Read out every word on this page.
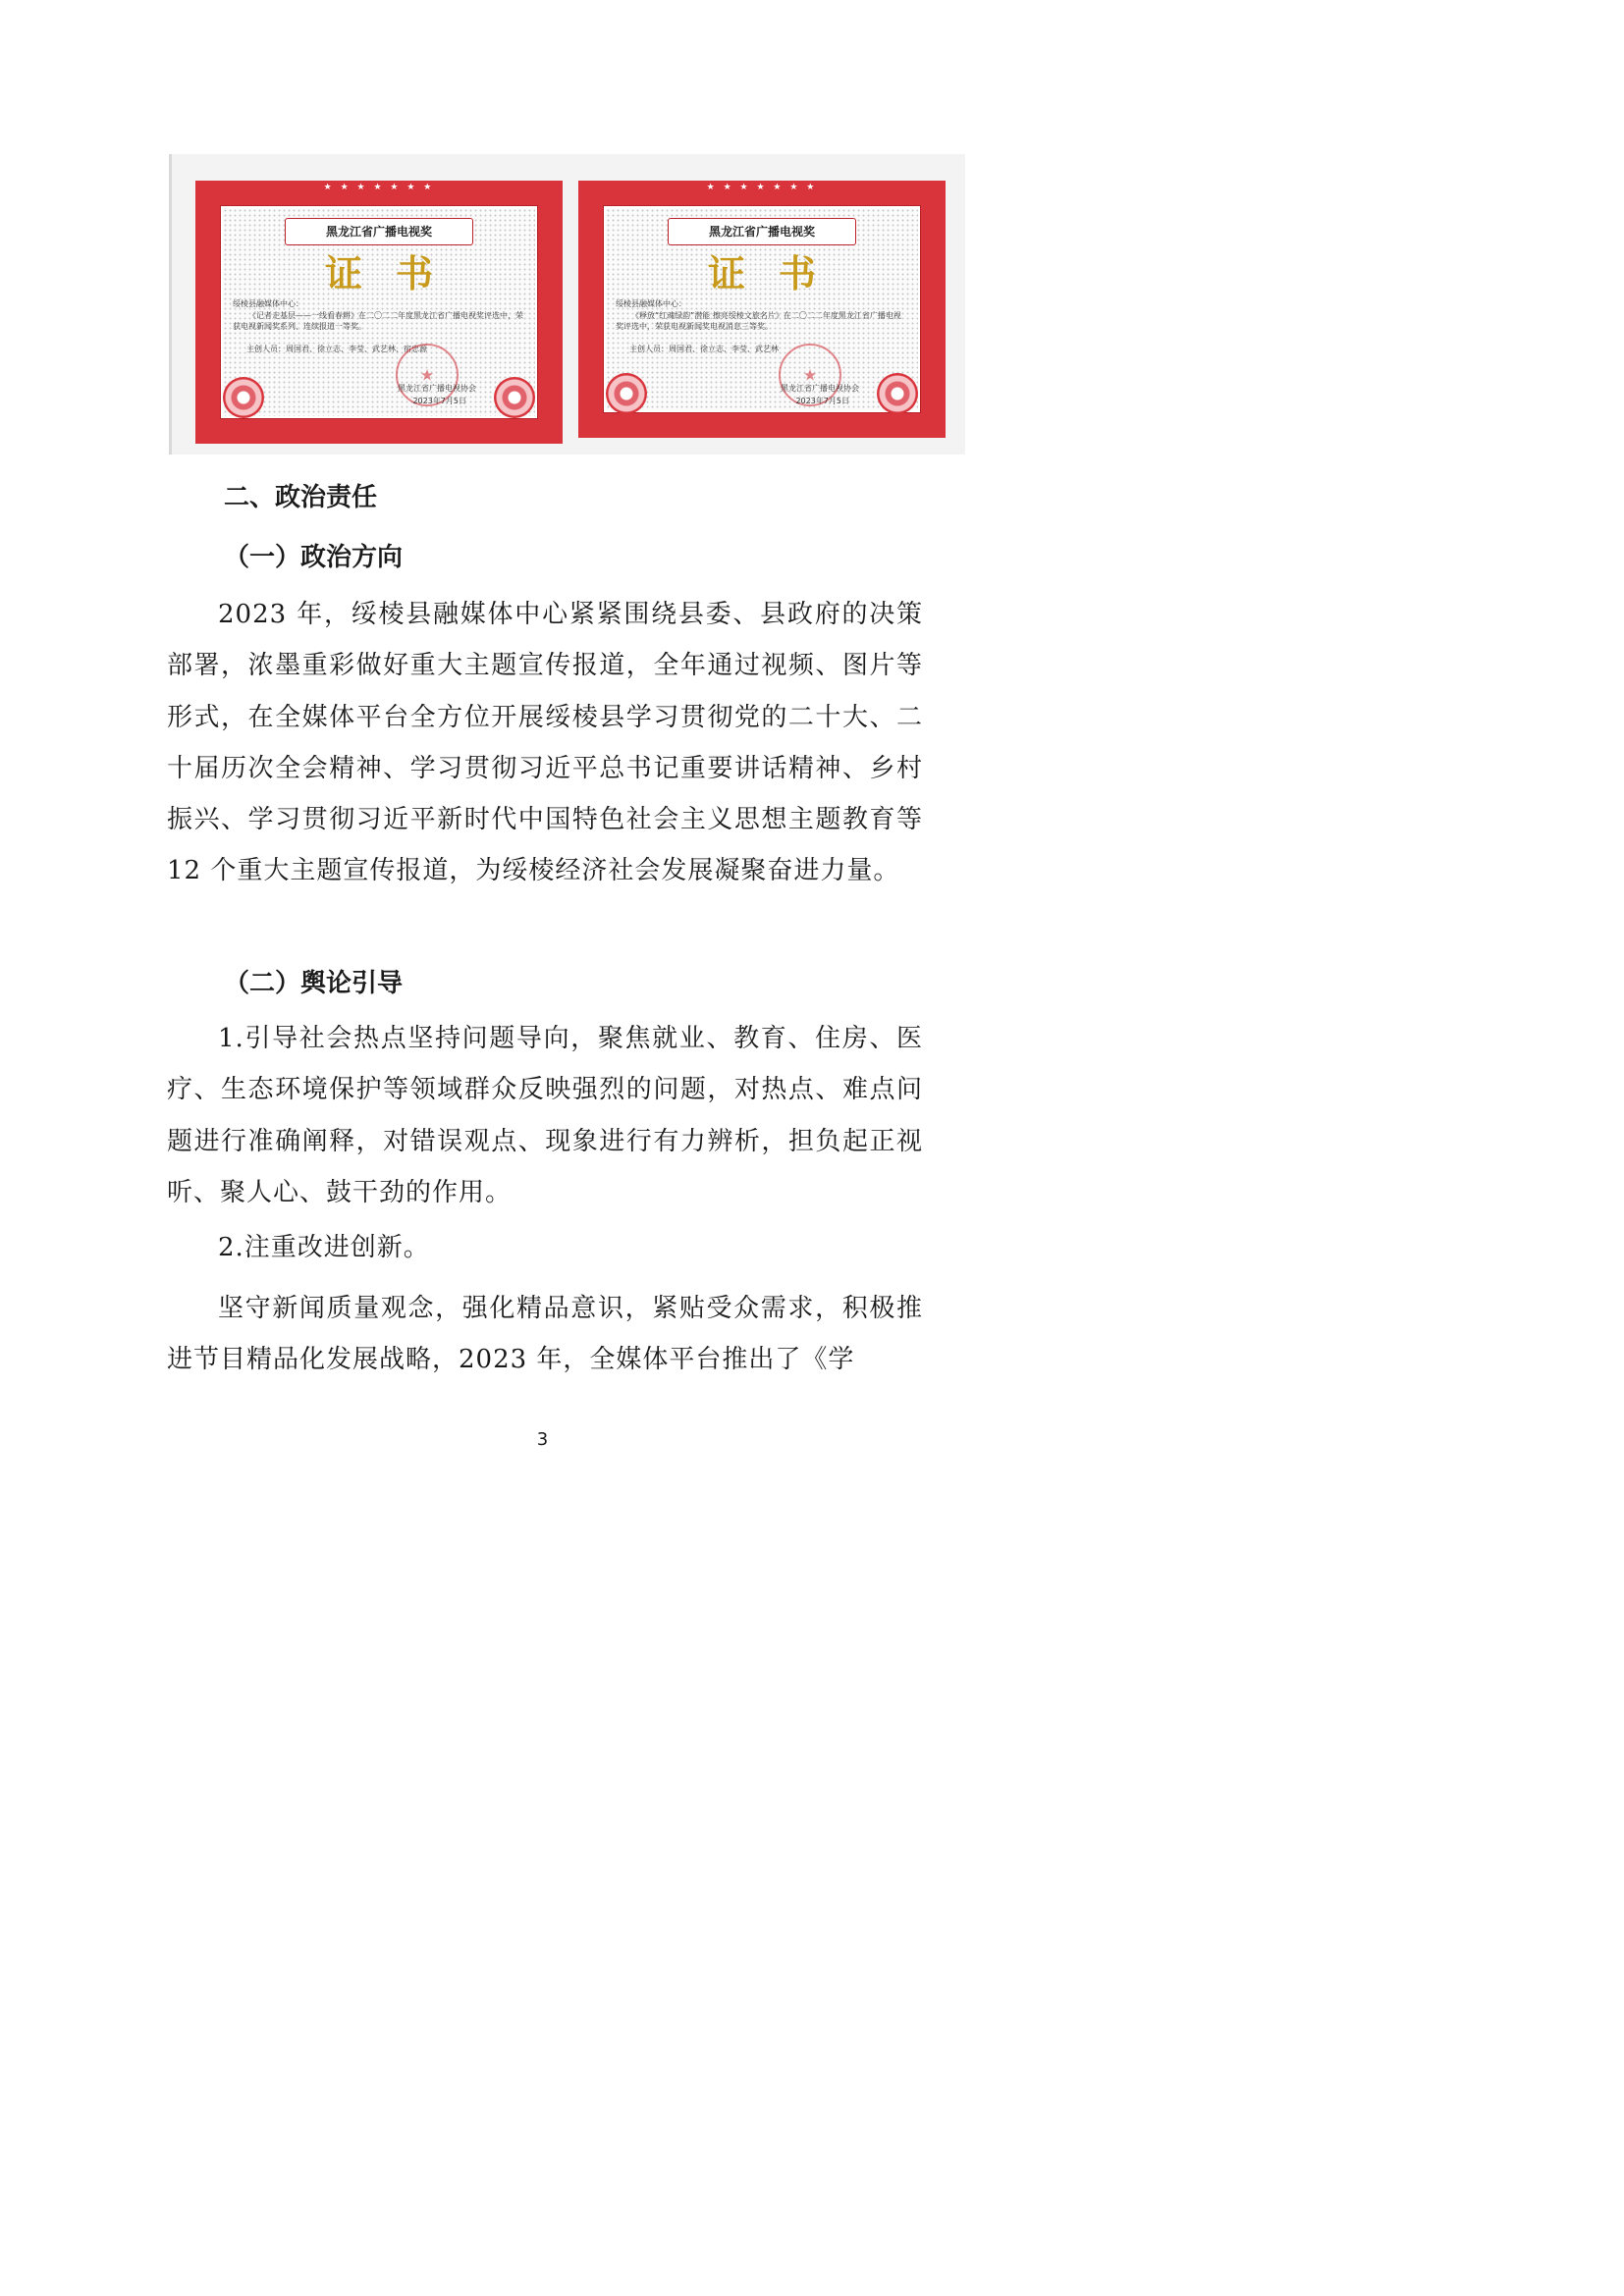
★ ★ ★ ★ ★ ★ ★
黑龙江省广播电视奖
证书
绥棱县融媒体中心：
《记者走基层——一线看春耕》在二〇二二年度黑龙江省广播电视奖评选中，荣获电视新闻奖系列、连续报道一等奖。
主创人员：周国君、徐立志、李莹、武艺林、宿忠源
★
黑龙江省广播电视协会
2023年7月5日
★ ★ ★ ★ ★ ★ ★
黑龙江省广播电视奖
证书
绥棱县融媒体中心：
《释放“红魂绿韵”潜能 擦亮绥棱文旅名片》在二〇二二年度黑龙江省广播电视奖评选中，荣获电视新闻奖电视消息三等奖。
主创人员：周国君、徐立志、李莹、武艺林
★
黑龙江省广播电视协会
2023年7月5日
二、政治责任
（一）政治方向

2023 年，绥棱县融媒体中心紧紧围绕县委、县政府的决策部署，浓墨重彩做好重大主题宣传报道，全年通过视频、图片等形式，在全媒体平台全方位开展绥棱县学习贯彻党的二十大、二十届历次全会精神、学习贯彻习近平总书记重要讲话精神、乡村振兴、学习贯彻习近平新时代中国特色社会主义思想主题教育等 12 个重大主题宣传报道，为绥棱经济社会发展凝聚奋进力量。

（二）舆论引导

1.引导社会热点坚持问题导向，聚焦就业、教育、住房、医疗、生态环境保护等领域群众反映强烈的问题，对热点、难点问题进行准确阐释，对错误观点、现象进行有力辨析，担负起正视听、聚人心、鼓干劲的作用。

2.注重改进创新。

坚守新闻质量观念，强化精品意识，紧贴受众需求，积极推进节目精品化发展战略，2023 年，全媒体平台推出了《学

3
